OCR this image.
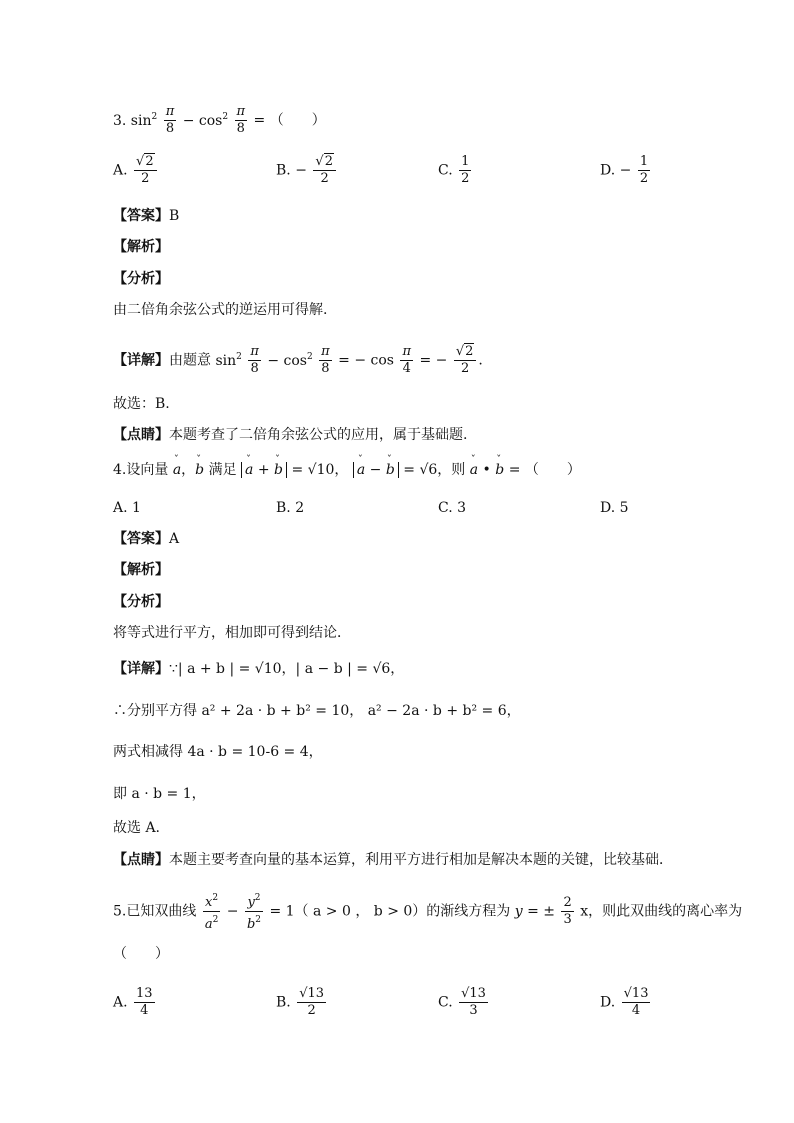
3. $\sin^2 \frac{\pi}{8} - \cos^2 \frac{\pi}{8}$ = （　　）
A. $\frac{√2}{2}$	B. − $\frac{√2}{2}$	C. $\frac{1}{2}$	D. − $\frac{1}{2}$
【答案】B
【解析】
【分析】
由二倍角余弦公式的逆运用可得解.
【详解】由题意 $\sin^2 \frac{\pi}{8} - \cos^2 \frac{\pi}{8}$ = − $\cos \frac{\pi}{4}$ = − $\frac{√2}{2}$ .
故选：B.
【点睛】本题考查了二倍角余弦公式的应用，属于基础题.
4.设向量 ˇ a，ˇ b 满足 ˇ a + ˇ b = √10， ˇ a − ˇ b = √6，则 ˇ a • ˇ b = （　　）
A. 1	B. 2	C. 3	D. 5
【答案】A
【解析】
【分析】
将等式进行平方，相加即可得到结论．
【详解】∵| a + b | = √10，| a − b | = √6，
∴分别平方得 a² + 2a · b + b² = 10， a² − 2a · b + b² = 6，
两式相减得 4a · b = 10-6 = 4，
即 a · b = 1，
故选 A.
【点睛】本题主要考查向量的基本运算，利用平方进行相加是解决本题的关键，比较基础．
5.已知双曲线 $\frac{x^2}{a^2} - \frac{y^2}{b^2} = 1$（ a > 0 ， b > 0）的渐线方程为 y = ± $\frac{2}{3}$ x，则此双曲线的离心率为
（　　）
A. $\frac{13}{4}$	B. $\frac{√13}{2}$	C. $\frac{√13}{3}$	D. $\frac{√13}{4}$
